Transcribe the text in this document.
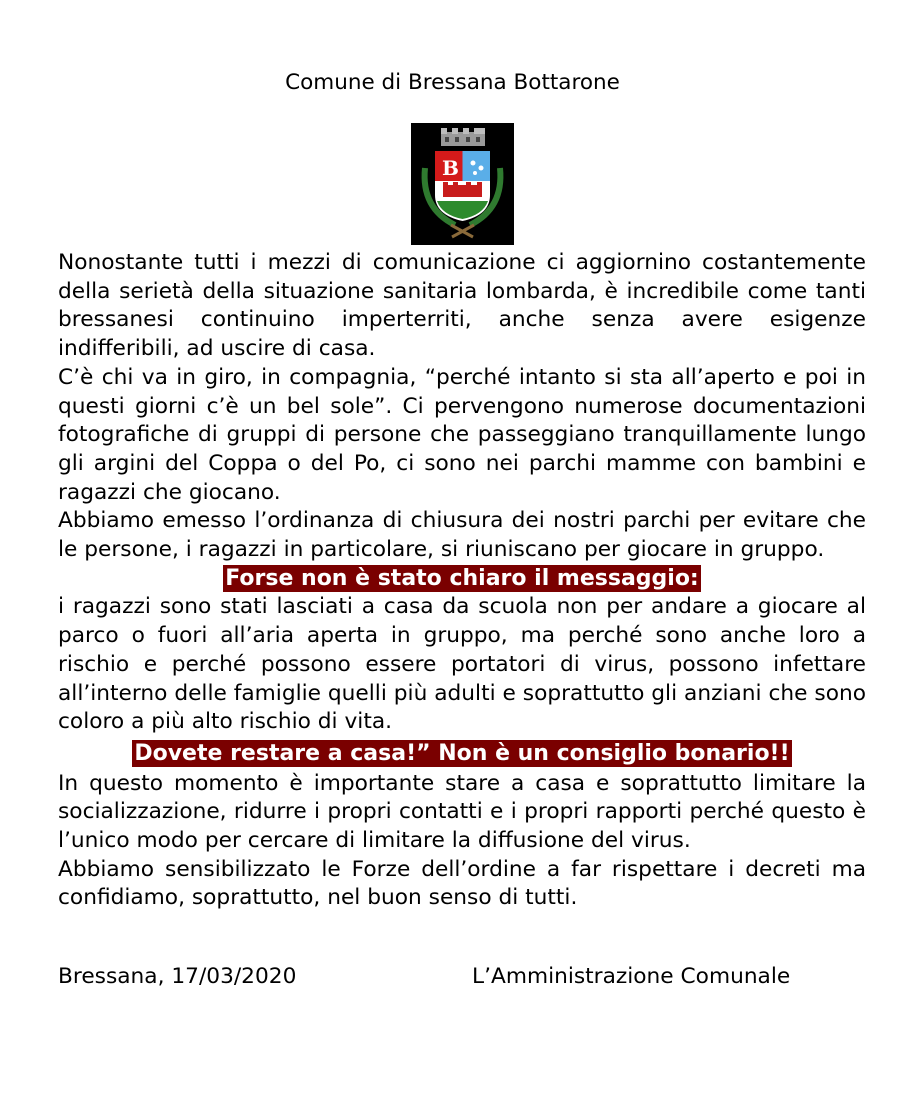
Comune di Bressana Bottarone
B

Nonostante tutti i mezzi di comunicazione ci aggiornino costantemente della serietà della situazione sanitaria lombarda, è incredibile come tanti bressanesi continuino imperterriti, anche senza avere esigenze indifferibili, ad uscire di casa.

C’è chi va in giro, in compagnia, “perché intanto si sta all’aperto e poi in questi giorni c’è un bel sole”. Ci pervengono numerose documentazioni fotografiche di gruppi di persone che passeggiano tranquillamente lungo gli argini del Coppa o del Po, ci sono nei parchi mamme con bambini e ragazzi che giocano.

Abbiamo emesso l’ordinanza di chiusura dei nostri parchi per evitare che le persone, i ragazzi in particolare, si riuniscano per giocare in gruppo.

Forse non è stato chiaro il messaggio:

i ragazzi sono stati lasciati a casa da scuola non per andare a giocare al parco o fuori all’aria aperta in gruppo, ma perché sono anche loro a rischio e perché possono essere portatori di virus, possono infettare all’interno delle famiglie quelli più adulti e soprattutto gli anziani che sono coloro a più alto rischio di vita.

Dovete restare a casa!” Non è un consiglio bonario!!

In questo momento è importante stare a casa e soprattutto limitare la socializzazione, ridurre i propri contatti e i propri rapporti perché questo è l’unico modo per cercare di limitare la diffusione del virus.

Abbiamo sensibilizzato le Forze dell’ordine a far rispettare i decreti ma confidiamo, soprattutto, nel buon senso di tutti.

Bressana, 17/03/2020	L’Amministrazione Comunale
